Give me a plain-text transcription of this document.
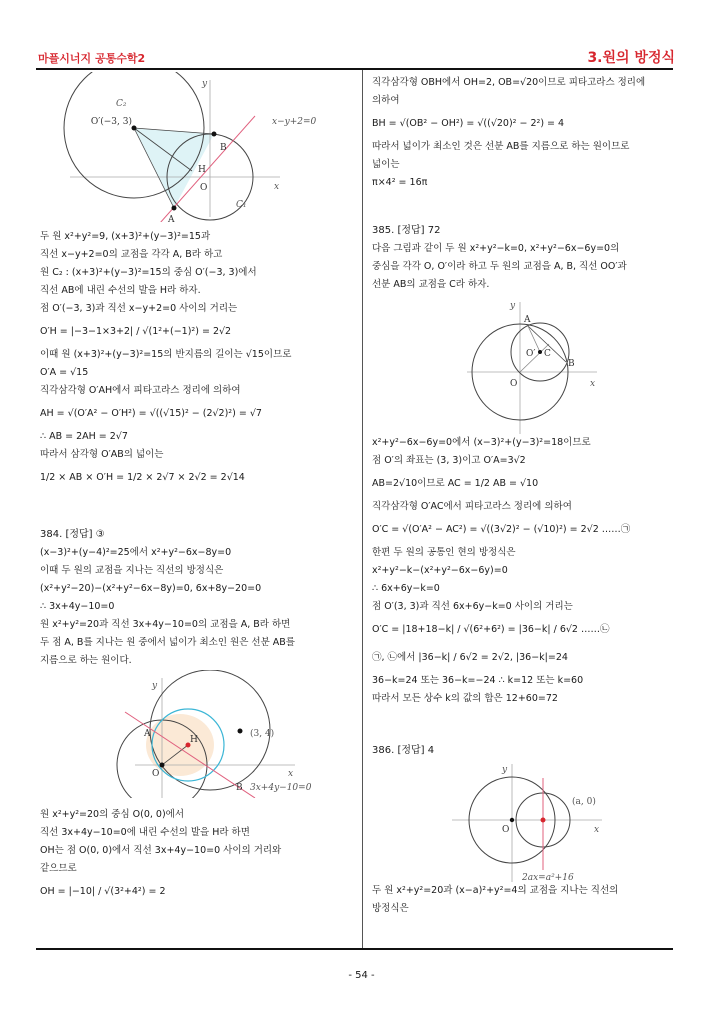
마플시너지 공통수학2	3.원의 방정식
C₂
C₁
O′(−3, 3)	x−y+2=0
A
B
H
O	x
y
두 원 x²+y²=9, (x+3)²+(y−3)²=15과
직선 x−y+2=0의 교점을 각각 A, B라 하고
원 C₂ : (x+3)²+(y−3)²=15의 중심 O′(−3, 3)에서
직선 AB에 내린 수선의 발을 H라 하자.
점 O′(−3, 3)과 직선 x−y+2=0 사이의 거리는
O′H = |−3−1×3+2| / √(1²+(−1)²) = 2√2
이때 원 (x+3)²+(y−3)²=15의 반지름의 길이는 √15이므로
O′A = √15
직각삼각형 O′AH에서 피타고라스 정리에 의하여
AH = √(O′A² − O′H²) = √((√15)² − (2√2)²) = √7
∴ AB = 2AH = 2√7
따라서 삼각형 O′AB의 넓이는
1/2 × AB × O′H = 1/2 × 2√7 × 2√2 = 2√14
384. [정답] ③
(x−3)²+(y−4)²=25에서 x²+y²−6x−8y=0
이때 두 원의 교점을 지나는 직선의 방정식은
(x²+y²−20)−(x²+y²−6x−8y)=0, 6x+8y−20=0
∴ 3x+4y−10=0
원 x²+y²=20과 직선 3x+4y−10=0의 교점을 A, B라 하면
두 점 A, B를 지나는 원 중에서 넓이가 최소인 원은 선분 AB를
지름으로 하는 원이다.
(3, 4)
3x+4y−10=0
A
B
H
O	x
y
원 x²+y²=20의 중심 O(0, 0)에서
직선 3x+4y−10=0에 내린 수선의 발을 H라 하면
OH는 점 O(0, 0)에서 직선 3x+4y−10=0 사이의 거리와
같으므로
OH = |−10| / √(3²+4²) = 2
직각삼각형 OBH에서 OH=2, OB=√20이므로 피타고라스 정리에
의하여
BH = √(OB² − OH²) = √((√20)² − 2²) = 4
따라서 넓이가 최소인 것은 선분 AB를 지름으로 하는 원이므로
넓이는
π×4² = 16π
385. [정답] 72
다음 그림과 같이 두 원 x²+y²−k=0, x²+y²−6x−6y=0의
중심을 각각 O, O′이라 하고 두 원의 교점을 A, B, 직선 OO′과
선분 AB의 교점을 C라 하자.
A
B
C
O
O′
x
y
x²+y²−6x−6y=0에서 (x−3)²+(y−3)²=18이므로
점 O′의 좌표는 (3, 3)이고 O′A=3√2
AB=2√10이므로 AC = 1/2 AB = √10
직각삼각형 O′AC에서 피타고라스 정리에 의하여
O′C = √(O′A² − AC²) = √((3√2)² − (√10)²) = 2√2 ……㉠
한편 두 원의 공통인 현의 방정식은
x²+y²−k−(x²+y²−6x−6y)=0
∴ 6x+6y−k=0
점 O′(3, 3)과 직선 6x+6y−k=0 사이의 거리는
O′C = |18+18−k| / √(6²+6²) = |36−k| / 6√2 ……㉡
㉠, ㉡에서 |36−k| / 6√2 = 2√2, |36−k|=24
36−k=24 또는 36−k=−24 ∴ k=12 또는 k=60
따라서 모든 상수 k의 값의 합은 12+60=72
386. [정답] 4
(a, 0)
2ax=a²+16
O	x
y
두 원 x²+y²=20과 (x−a)²+y²=4의 교점을 지나는 직선의
방정식은
- 54 -
